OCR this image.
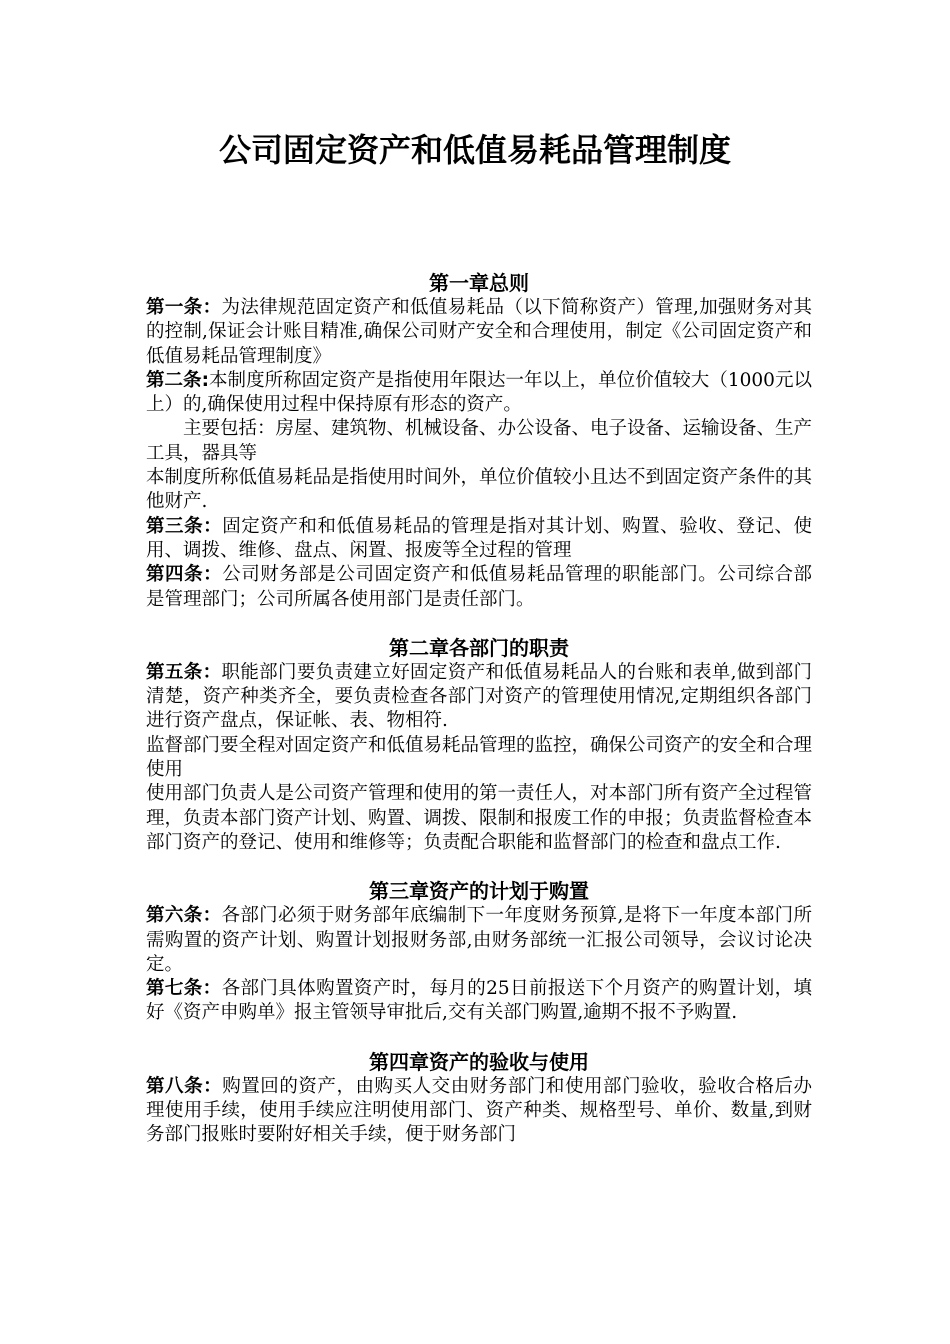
公司固定资产和低值易耗品管理制度
第一章总则

第一条：为法律规范固定资产和低值易耗品（以下简称资产）管理,加强财务对其的控制,保证会计账目精准,确保公司财产安全和合理使用，制定《公司固定资产和低值易耗品管理制度》

第二条:本制度所称固定资产是指使用年限达一年以上，单位价值较大（1000元以上）的,确保使用过程中保持原有形态的资产。

主要包括：房屋、建筑物、机械设备、办公设备、电子设备、运输设备、生产工具，器具等

本制度所称低值易耗品是指使用时间外，单位价值较小且达不到固定资产条件的其他财产.

第三条：固定资产和和低值易耗品的管理是指对其计划、购置、验收、登记、使用、调拨、维修、盘点、闲置、报废等全过程的管理

第四条：公司财务部是公司固定资产和低值易耗品管理的职能部门。公司综合部是管理部门；公司所属各使用部门是责任部门。

第二章各部门的职责

第五条：职能部门要负责建立好固定资产和低值易耗品人的台账和表单,做到部门清楚，资产种类齐全，要负责检查各部门对资产的管理使用情况,定期组织各部门进行资产盘点，保证帐、表、物相符.

监督部门要全程对固定资产和低值易耗品管理的监控，确保公司资产的安全和合理使用

使用部门负责人是公司资产管理和使用的第一责任人，对本部门所有资产全过程管理，负责本部门资产计划、购置、调拨、限制和报废工作的申报；负责监督检查本部门资产的登记、使用和维修等；负责配合职能和监督部门的检查和盘点工作.

第三章资产的计划于购置

第六条：各部门必须于财务部年底编制下一年度财务预算,是将下一年度本部门所需购置的资产计划、购置计划报财务部,由财务部统一汇报公司领导，会议讨论决定。

第七条：各部门具体购置资产时，每月的25日前报送下个月资产的购置计划，填好《资产申购单》报主管领导审批后,交有关部门购置,逾期不报不予购置.

第四章资产的验收与使用

第八条：购置回的资产，由购买人交由财务部门和使用部门验收，验收合格后办理使用手续，使用手续应注明使用部门、资产种类、规格型号、单价、数量,到财务部门报账时要附好相关手续，便于财务部门
